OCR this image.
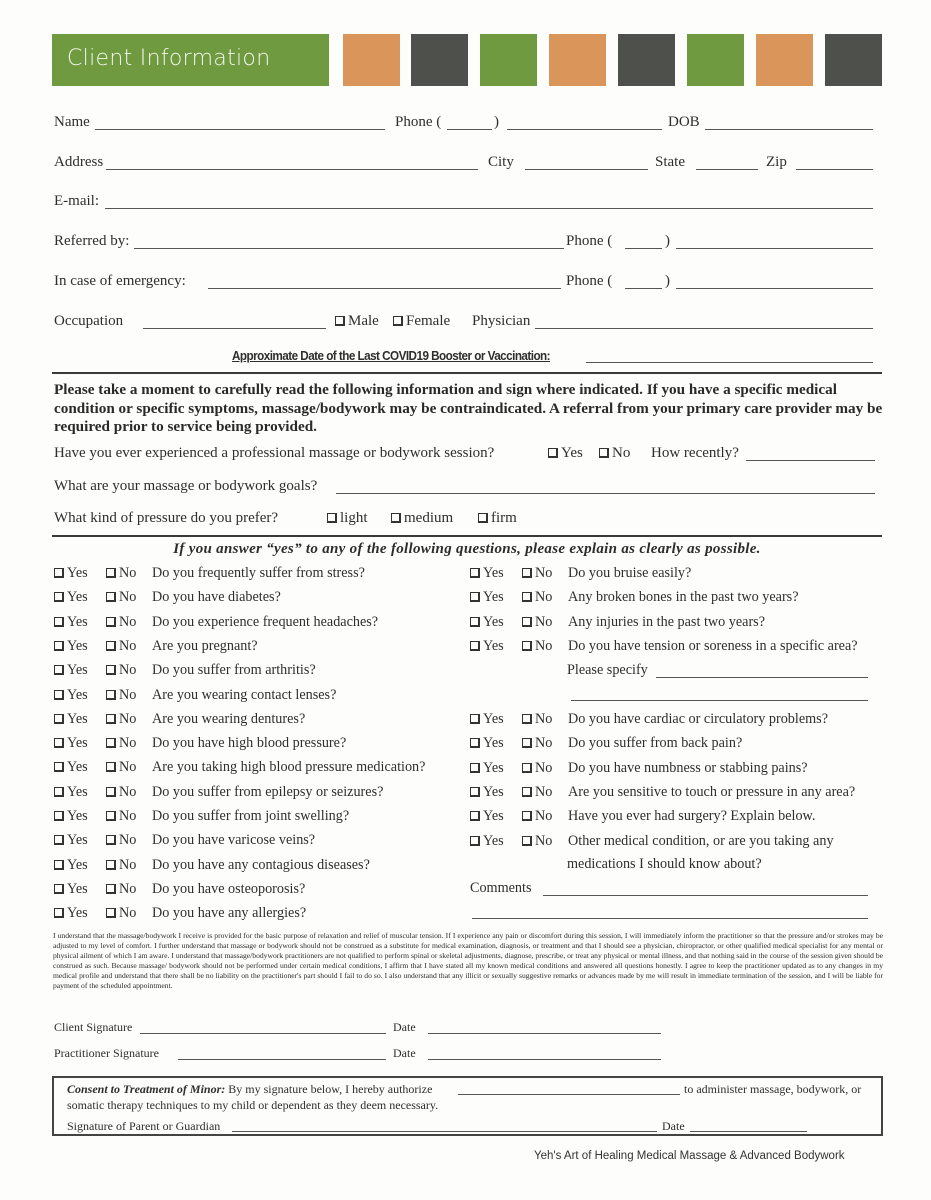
Client Information
Name	Phone (	)	DOB
Address	City	State	Zip
E-mail:
Referred by:	Phone (	)
In case of emergency:	Phone (	)
Occupation	Male	Female Physician
Approximate Date of the Last COVID19 Booster or Vaccination:
Please take a moment to carefully read the following information and sign where indicated. If you have a specific medical condition or specific symptoms, massage/bodywork may be contraindicated. A referral from your primary care provider may be required prior to service being provided.
Have you ever experienced a professional massage or bodywork session?	Yes	No How recently?
What are your massage or bodywork goals?
What kind of pressure do you prefer?	light	medium	firm
If you answer “yes” to any of the following questions, please explain as clearly as possible.
Yes	No Do you frequently suffer from stress?
Yes	No Do you have diabetes?
Yes	No Do you experience frequent headaches?
Yes	No Are you pregnant?
Yes	No Do you suffer from arthritis?
Yes	No Are you wearing contact lenses?
Yes	No Are you wearing dentures?
Yes	No Do you have high blood pressure?
Yes	No Are you taking high blood pressure medication?
Yes	No Do you suffer from epilepsy or seizures?
Yes	No Do you suffer from joint swelling?
Yes	No Do you have varicose veins?
Yes	No Do you have any contagious diseases?
Yes	No Do you have osteoporosis?
Yes	No Do you have any allergies?
Yes	No Do you bruise easily?
Yes	No Any broken bones in the past two years?
Yes	No Any injuries in the past two years?
Yes	No Do you have tension or soreness in a specific area?
Please specify
Yes	No Do you have cardiac or circulatory problems?
Yes	No Do you suffer from back pain?
Yes	No Do you have numbness or stabbing pains?
Yes	No Are you sensitive to touch or pressure in any area?
Yes	No Have you ever had surgery? Explain below.
Yes	No Other medical condition, or are you taking any
medications I should know about?
Comments
I understand that the massage/bodywork I receive is provided for the basic purpose of relaxation and relief of muscular tension. If I experience any pain or discomfort during this session, I will immediately inform the practitioner so that the pressure and/or strokes may be adjusted to my level of comfort. I further understand that massage or bodywork should not be construed as a substitute for medical examination, diagnosis, or treatment and that I should see a physician, chiropractor, or other qualified medical specialist for any mental or physical ailment of which I am aware. I understand that massage/bodywork practitioners are not qualified to perform spinal or skeletal adjustments, diagnose, prescribe, or treat any physical or mental illness, and that nothing said in the course of the session given should be construed as such. Because massage/ bodywork should not be performed under certain medical conditions, I affirm that I have stated all my known medical conditions and answered all questions honestly. I agree to keep the practitioner updated as to any changes in my medical profile and understand that there shall be no liability on the practitioner's part should I fail to do so. I also understand that any illicit or sexually suggestive remarks or advances made by me will result in immediate termination of the session, and I will be liable for payment of the scheduled appointment.
Client Signature	Date
Practitioner Signature	Date
Consent to Treatment of Minor: By my signature below, I hereby authorize	to administer massage, bodywork, or
somatic therapy techniques to my child or dependent as they deem necessary.
Signature of Parent or Guardian	Date
Yeh's Art of Healing Medical Massage & Advanced Bodywork
